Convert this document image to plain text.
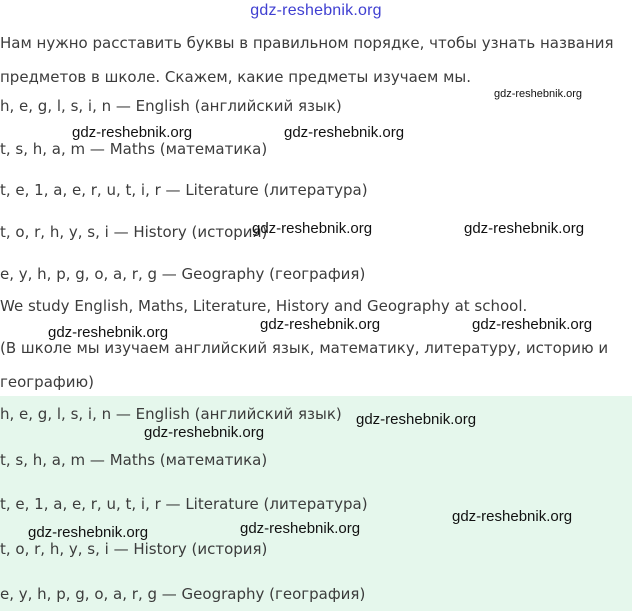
gdz-reshebnik.org
Нам нужно расставить буквы в правильном порядке, чтобы узнать названия
предметов в школе. Скажем, какие предметы изучаем мы.
h, e, g, l, s, i, n — English (английский язык)
t, s, h, a, m — Maths (математика)
t, e, 1, a, e, r, u, t, i, r — Literature (литература)
t, o, r, h, y, s, i — History (история)
e, y, h, p, g, o, a, r, g — Geography (география)
We study English, Maths, Literature, History and Geography at school.
(В школе мы изучаем английский язык, математику, литературу, историю и
географию)
h, e, g, l, s, i, n — English (английский язык)
t, s, h, a, m — Maths (математика)
t, e, 1, a, e, r, u, t, i, r — Literature (литература)
t, o, r, h, y, s, i — History (история)
e, y, h, p, g, o, a, r, g — Geography (география)
gdz-reshebnik.org
gdz-reshebnik.org	gdz-reshebnik.org
gdz-reshebnik.org	gdz-reshebnik.org
gdz-reshebnik.org	gdz-reshebnik.org	gdz-reshebnik.org
gdz-reshebnik.org
gdz-reshebnik.org
gdz-reshebnik.org
gdz-reshebnik.org	gdz-reshebnik.org
